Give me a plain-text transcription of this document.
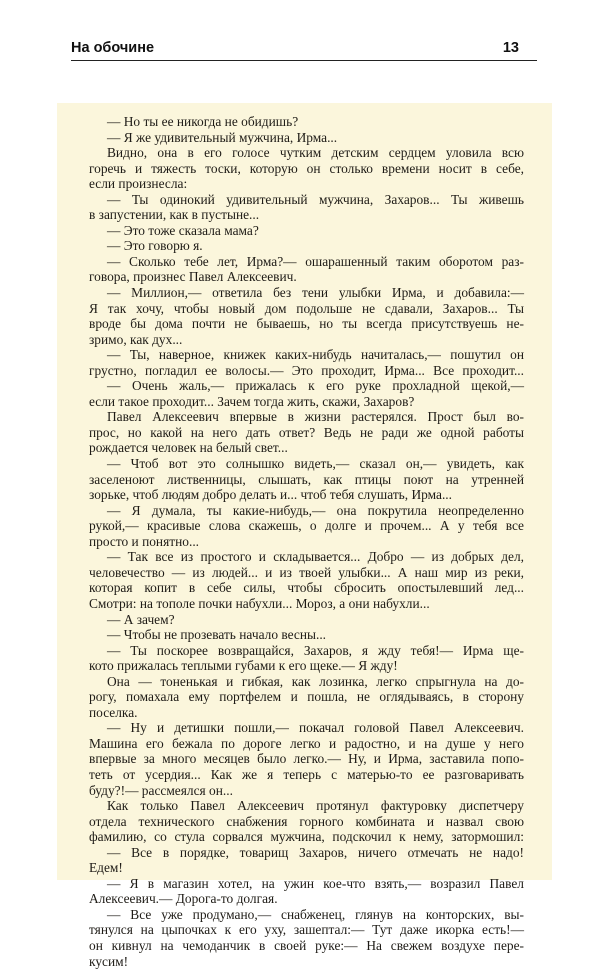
На обочине	13
— Но ты ее никогда не обидишь?
— Я же удивительный мужчина, Ирма...
Видно, она в его голосе чутким детским сердцем уловила всю
горечь и тяжесть тоски, которую он столько времени носит в себе,
если произнесла:
— Ты одинокий удивительный мужчина, Захаров... Ты живешь
в запустении, как в пустыне...
— Это тоже сказала мама?
— Это говорю я.
— Сколько тебе лет, Ирма?— ошарашенный таким оборотом раз-
говора, произнес Павел Алексеевич.
— Миллион,— ответила без тени улыбки Ирма, и добавила:—
Я так хочу, чтобы новый дом подольше не сдавали, Захаров... Ты
вроде бы дома почти не бываешь, но ты всегда присутствуешь не-
зримо, как дух...
— Ты, наверное, книжек каких-нибудь начиталась,— пошутил он
грустно, погладил ее волосы.— Это проходит, Ирма... Все проходит...
— Очень жаль,— прижалась к его руке прохладной щекой,—
если такое проходит... Зачем тогда жить, скажи, Захаров?
Павел Алексеевич впервые в жизни растерялся. Прост был во-
прос, но какой на него дать ответ? Ведь не ради же одной работы
рождается человек на белый свет...
— Чтоб вот это солнышко видеть,— сказал он,— увидеть, как
заселеноют лиственницы, слышать, как птицы поют на утренней
зорьке, чтоб людям добро делать и... чтоб тебя слушать, Ирма...
— Я думала, ты какие-нибудь,— она покрутила неопределенно
рукой,— красивые слова скажешь, о долге и прочем... А у тебя все
просто и понятно...
— Так все из простого и складывается... Добро — из добрых дел,
человечество — из людей... и из твоей улыбки... А наш мир из реки,
которая копит в себе силы, чтобы сбросить опостылевший лед...
Смотри: на тополе почки набухли... Мороз, а они набухли...
— А зачем?
— Чтобы не прозевать начало весны...
— Ты поскорее возвращайся, Захаров, я жду тебя!— Ирма ще-
кото прижалась теплыми губами к его щеке.— Я жду!
Она — тоненькая и гибкая, как лозинка, легко спрыгнула на до-
рогу, помахала ему портфелем и пошла, не оглядываясь, в сторону
поселка.
— Ну и детишки пошли,— покачал головой Павел Алексеевич.
Машина его бежала по дороге легко и радостно, и на душе у него
впервые за много месяцев было легко.— Ну, и Ирма, заставила попо-
теть от усердия... Как же я теперь с матерью-то ее разговаривать
буду?!— рассмеялся он...
Как только Павел Алексеевич протянул фактуровку диспетчеру
отдела технического снабжения горного комбината и назвал свою
фамилию, со стула сорвался мужчина, подскочил к нему, затормошил:
— Все в порядке, товарищ Захаров, ничего отмечать не надо!
Едем!
— Я в магазин хотел, на ужин кое-что взять,— возразил Павел
Алексеевич.— Дорога-то долгая.
— Все уже продумано,— снабженец, глянув на конторских, вы-
тянулся на цыпочках к его уху, зашептал:— Тут даже икорка есть!—
он кивнул на чемоданчик в своей руке:— На свежем воздухе пере-
кусим!
